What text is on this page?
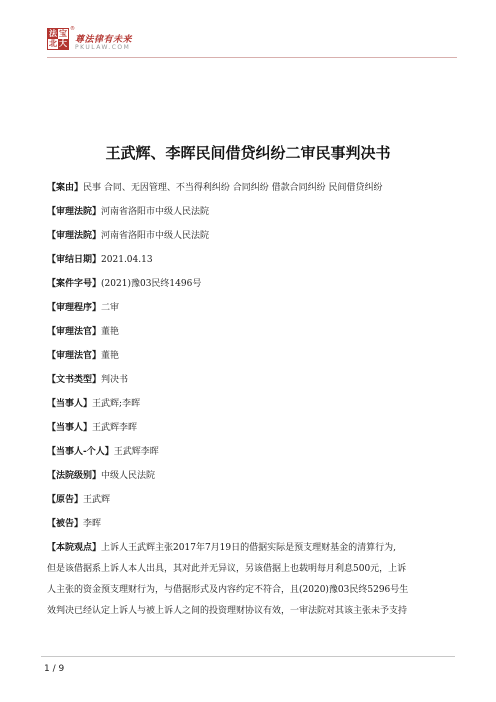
法 宝
北 大
®
尊法律有未来
PKULAW.COM
王武辉、李晖民间借贷纠纷二审民事判决书
【 案由 】 民事 合同、无因管理、不当得利纠纷 合同纠纷 借款合同纠纷 民间借贷纠纷
【 审理法院 】 河南省洛阳市中级人民法院
【 审理法院 】 河南省洛阳市中级人民法院
【 审结日期 】 2021.04.13
【 案件字号 】 (2021)豫03民终1496号
【 审理程序 】 二审
【 审理法官 】 董艳
【 审理法官 】 董艳
【 文书类型 】 判决书
【 当事人 】 王武辉;李晖
【 当事人 】 王武辉李晖
【 当事人-个人 】 王武辉李晖
【 法院级别 】 中级人民法院
【 原告 】 王武辉
【 被告 】 李晖
【 本院观点 】 上诉人王武辉主张2017年7月19日的借据实际是预支理财基金的清算行为,
但是该借据系上诉人本人出具，其对此并无异议，另该借据上也载明每月利息500元，上诉
人主张的资金预支理财行为，与借据形式及内容约定不符合，且(2020)豫03民终5296号生
效判决已经认定上诉人与被上诉人之间的投资理财协议有效，一审法院对其该主张未予支持
1 / 9
